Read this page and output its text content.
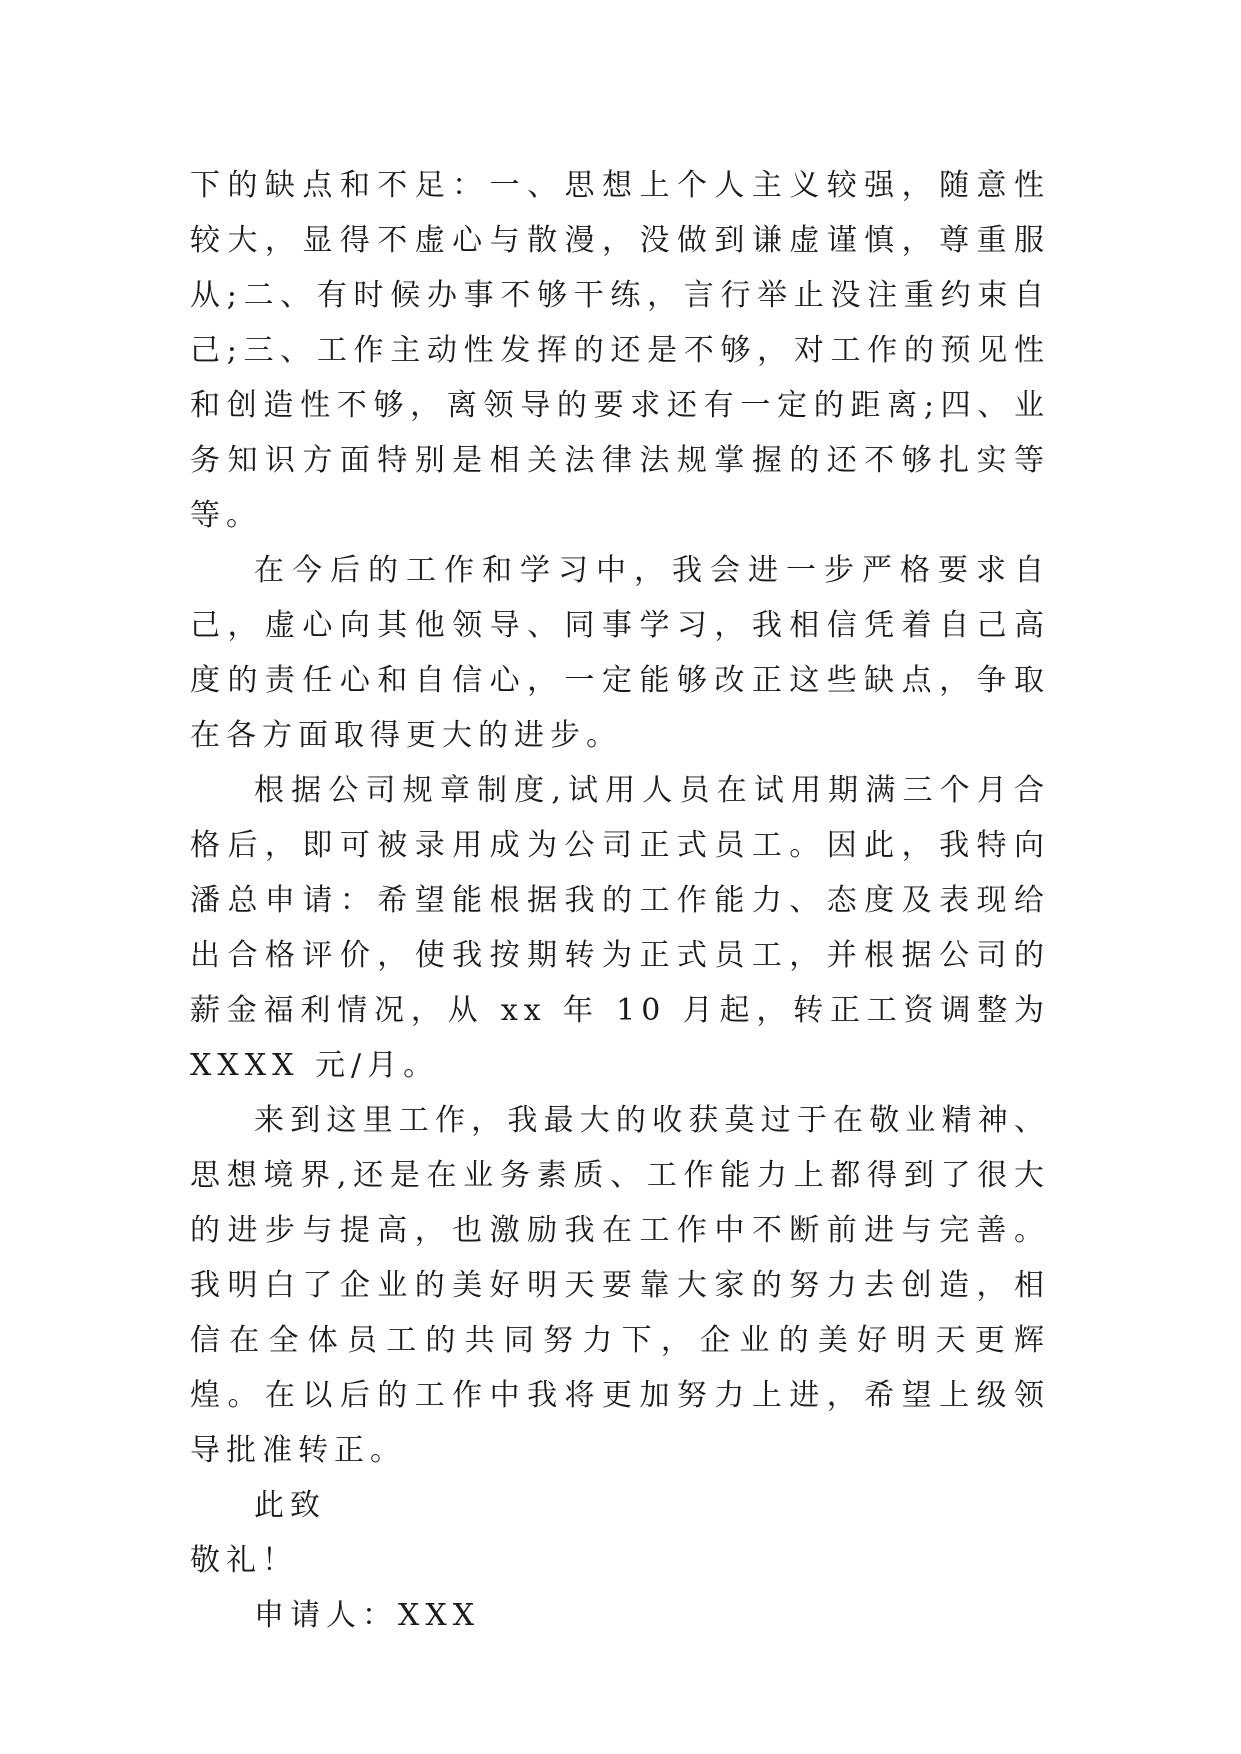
下的缺点和不足：一、思想上个人主义较强，随意性较大，显得不虚心与散漫，没做到谦虚谨慎，尊重服从;二、有时候办事不够干练，言行举止没注重约束自己;三、工作主动性发挥的还是不够，对工作的预见性和创造性不够，离领导的要求还有一定的距离;四、业务知识方面特别是相关法律法规掌握的还不够扎实等等。

在今后的工作和学习中，我会进一步严格要求自己，虚心向其他领导、同事学习，我相信凭着自己高度的责任心和自信心，一定能够改正这些缺点，争取在各方面取得更大的进步。

根据公司规章制度,试用人员在试用期满三个月合格后，即可被录用成为公司正式员工。因此，我特向潘总申请：希望能根据我的工作能力、态度及表现给出合格评价，使我按期转为正式员工，并根据公司的薪金福利情况，从 xx 年 10 月起，转正工资调整为 XXXX 元/月。

来到这里工作，我最大的收获莫过于在敬业精神、思想境界,还是在业务素质、工作能力上都得到了很大的进步与提高，也激励我在工作中不断前进与完善。我明白了企业的美好明天要靠大家的努力去创造，相信在全体员工的共同努力下，企业的美好明天更辉煌。在以后的工作中我将更加努力上进，希望上级领导批准转正。

此致

敬礼！

申请人：XXX
